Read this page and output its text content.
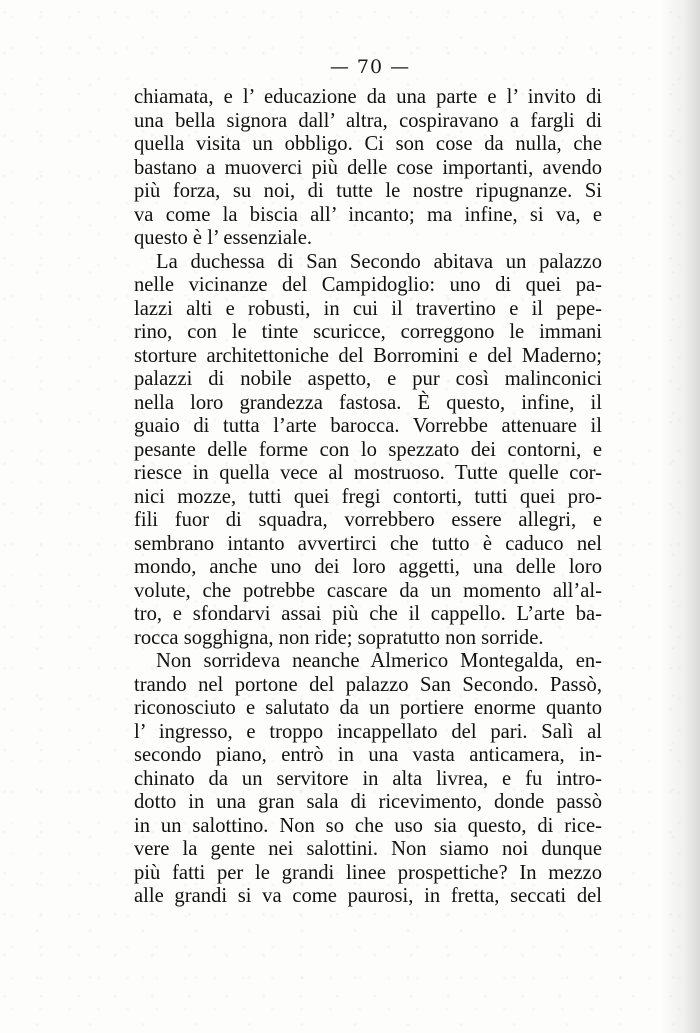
— 70 —
chiamata, e l’ educazione da una parte e l’ invito di
una bella signora dall’ altra, cospiravano a fargli di
quella visita un obbligo. Ci son cose da nulla, che
bastano a muoverci più delle cose importanti, avendo
più forza, su noi, di tutte le nostre ripugnanze. Si
va come la biscia all’ incanto; ma infine, si va, e
questo è l’ essenziale.
La duchessa di San Secondo abitava un palazzo
nelle vicinanze del Campidoglio: uno di quei pa-
lazzi alti e robusti, in cui il travertino e il pepe-
rino, con le tinte scuricce, correggono le immani
storture architettoniche del Borromini e del Maderno;
palazzi di nobile aspetto, e pur così malinconici
nella loro grandezza fastosa. È questo, infine, il
guaio di tutta l’arte barocca. Vorrebbe attenuare il
pesante delle forme con lo spezzato dei contorni, e
riesce in quella vece al mostruoso. Tutte quelle cor-
nici mozze, tutti quei fregi contorti, tutti quei pro-
fili fuor di squadra, vorrebbero essere allegri, e
sembrano intanto avvertirci che tutto è caduco nel
mondo, anche uno dei loro aggetti, una delle loro
volute, che potrebbe cascare da un momento all’al-
tro, e sfondarvi assai più che il cappello. L’arte ba-
rocca sogghigna, non ride; sopratutto non sorride.
Non sorrideva neanche Almerico Montegalda, en-
trando nel portone del palazzo San Secondo. Passò,
riconosciuto e salutato da un portiere enorme quanto
l’ ingresso, e troppo incappellato del pari. Salì al
secondo piano, entrò in una vasta anticamera, in-
chinato da un servitore in alta livrea, e fu intro-
dotto in una gran sala di ricevimento, donde passò
in un salottino. Non so che uso sia questo, di rice-
vere la gente nei salottini. Non siamo noi dunque
più fatti per le grandi linee prospettiche? In mezzo
alle grandi si va come paurosi, in fretta, seccati del
